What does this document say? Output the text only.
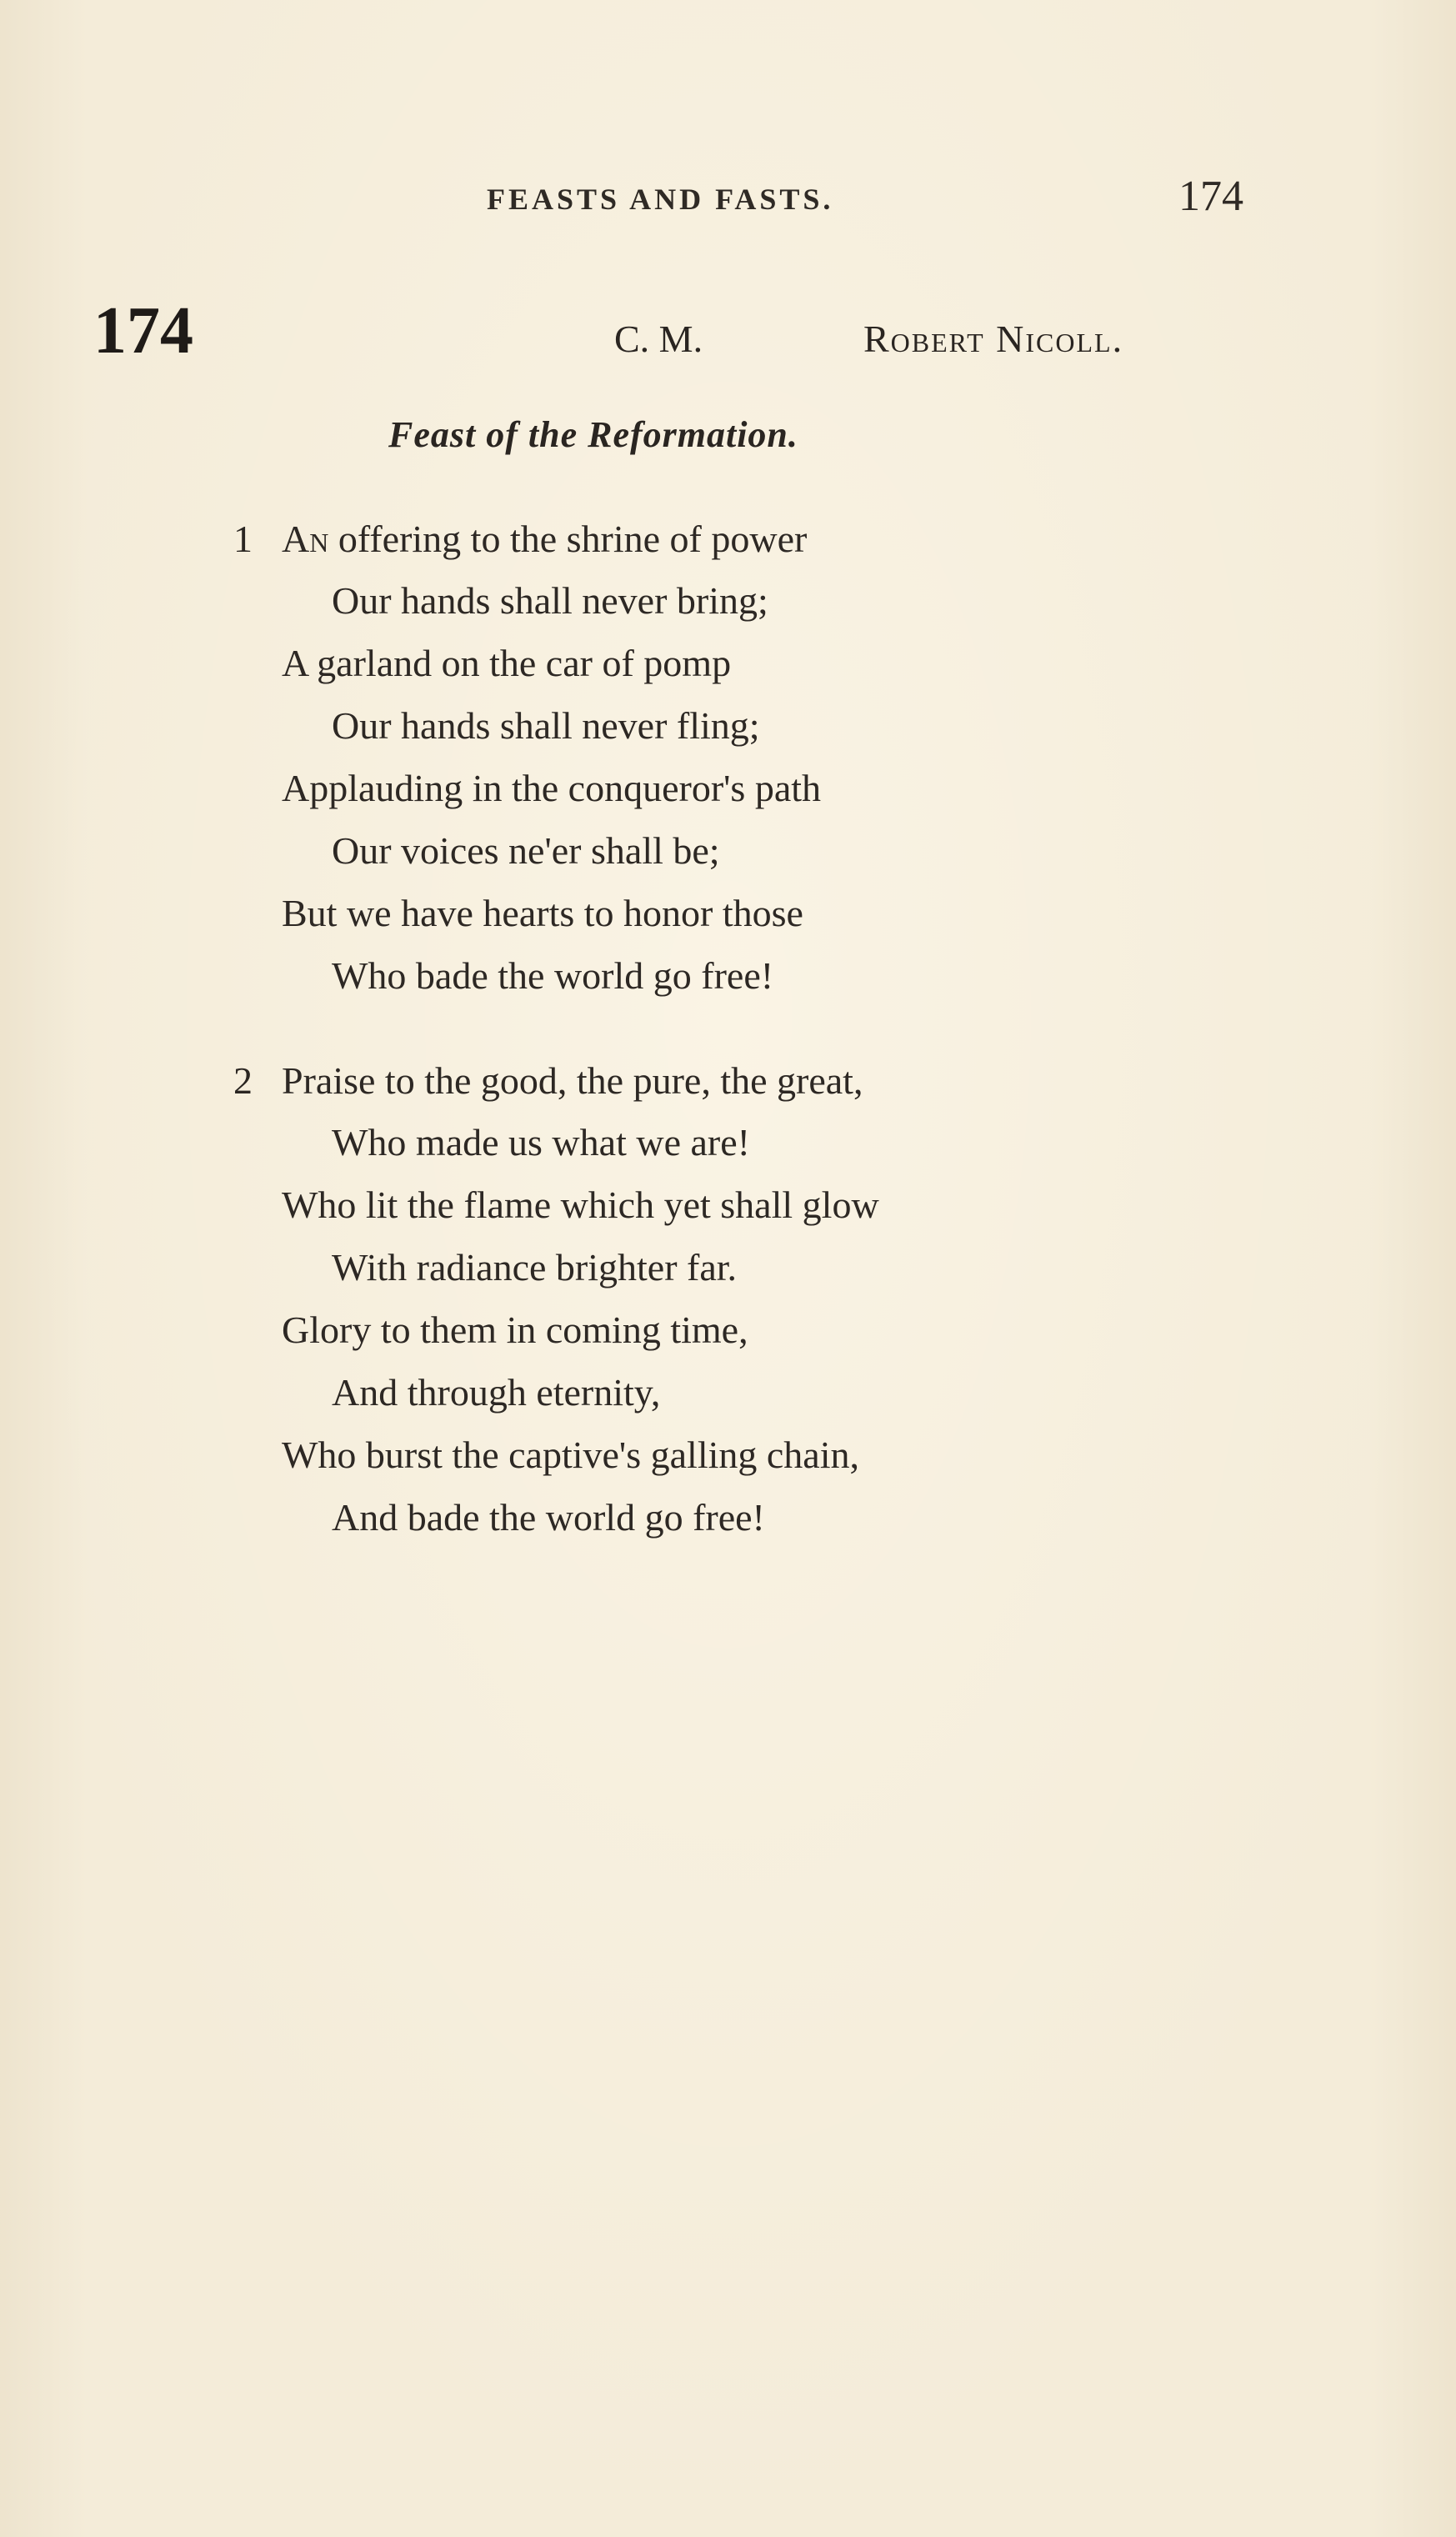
FEASTS AND FASTS.	174
174	C. M.	Robert Nicoll.
Feast of the Reformation.
1 An offering to the shrine of power
Our hands shall never bring;
A garland on the car of pomp
Our hands shall never fling;
Applauding in the conqueror's path
Our voices ne'er shall be;
But we have hearts to honor those
Who bade the world go free!
2 Praise to the good, the pure, the great,
Who made us what we are!
Who lit the flame which yet shall glow
With radiance brighter far.
Glory to them in coming time,
And through eternity,
Who burst the captive's galling chain,
And bade the world go free!
